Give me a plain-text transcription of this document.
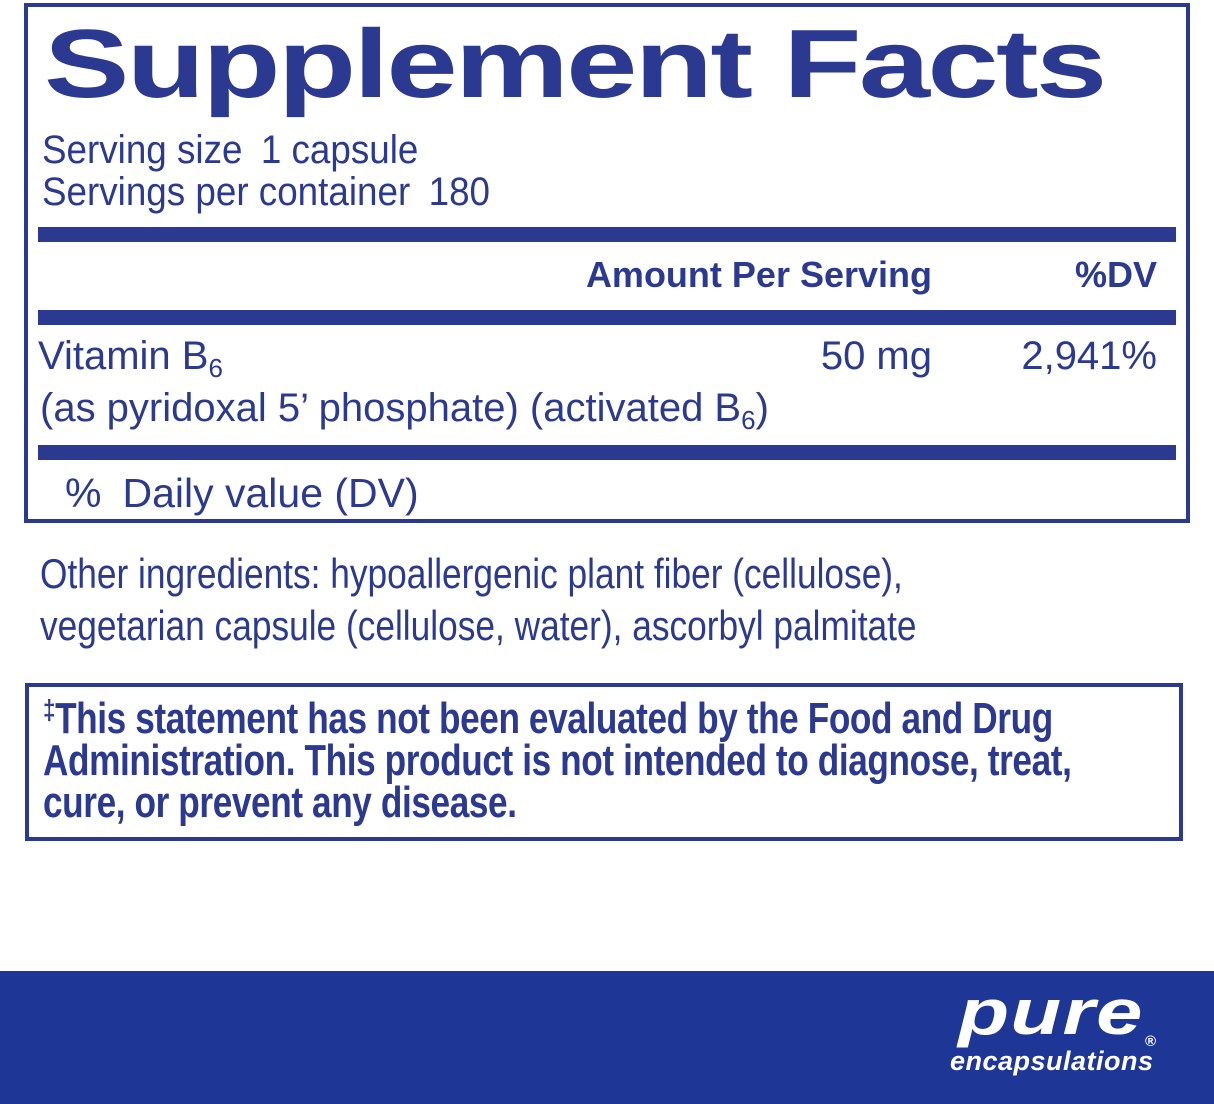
Supplement Facts
Serving size 1 capsule
Servings per container 180
Amount Per Serving	%DV
Vitamin $B_6$	50 mg	2,941%
(as pyridoxal 5’ phosphate) (activated $B_6$)
% Daily value (DV)
Other ingredients: hypoallergenic plant fiber (cellulose),
vegetarian capsule (cellulose, water), ascorbyl palmitate
‡This statement has not been evaluated by the Food and Drug
Administration. This product is not intended to diagnose, treat,
cure, or prevent any disease.
pure
encapsulations
®
